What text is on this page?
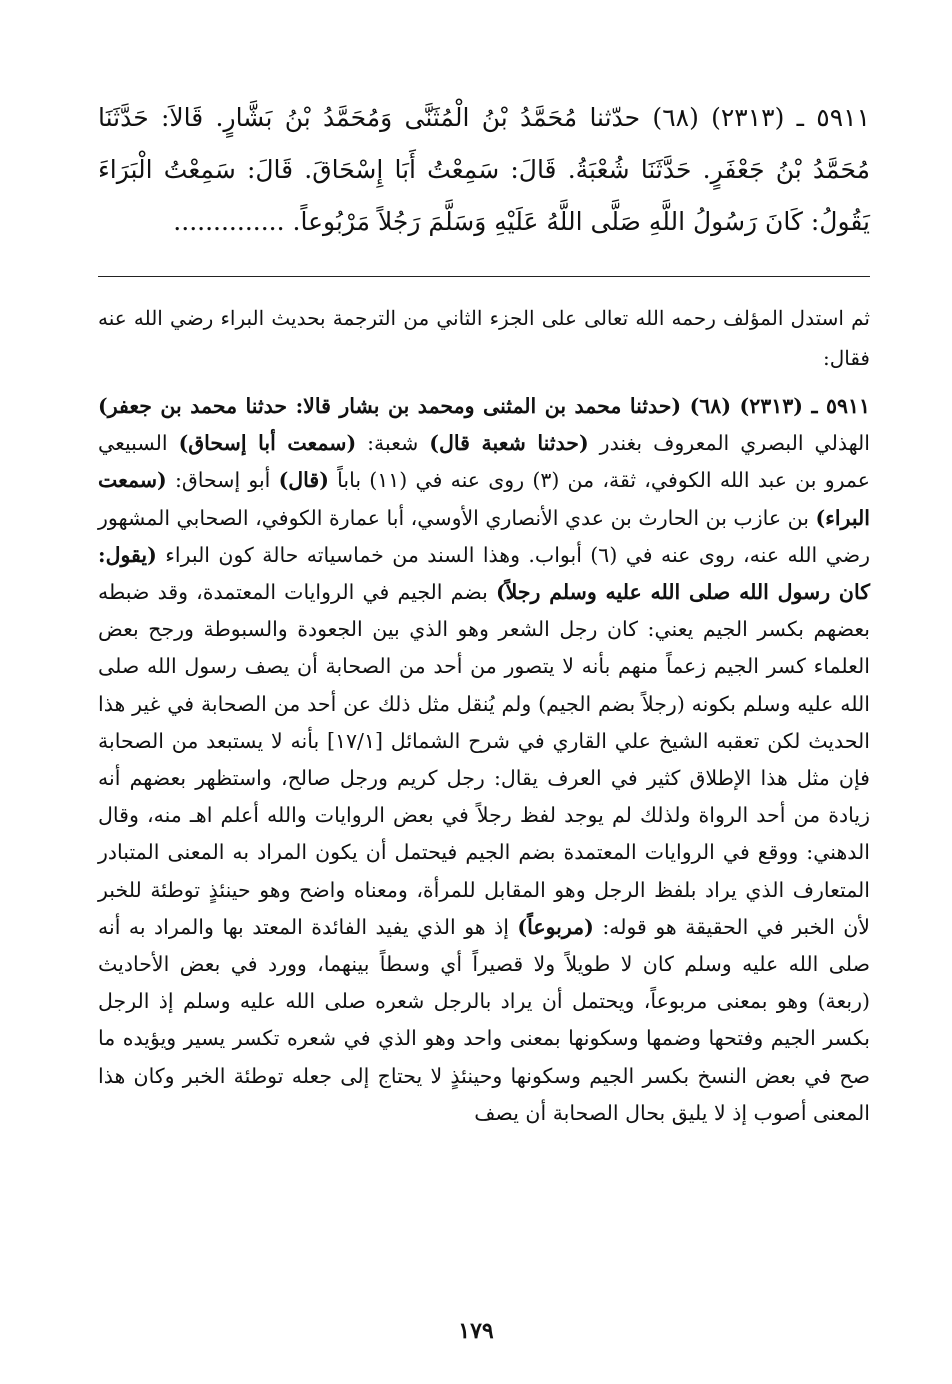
٥٩١١ ـ (٢٣١٣) (٦٨) حدّثنا مُحَمَّدُ بْنُ الْمُثَنَّى وَمُحَمَّدُ بْنُ بَشَّارٍ. قَالاَ: حَدَّثَنَا مُحَمَّدُ بْنُ جَعْفَرٍ. حَدَّثَنَا شُعْبَةُ. قَالَ: سَمِعْتُ أَبَا إِسْحَاقَ. قَالَ: سَمِعْتُ الْبَرَاءَ يَقُولُ: كَانَ رَسُولُ اللَّهِ صَلَّى اللَّهُ عَلَيْهِ وَسَلَّمَ رَجُلاً مَرْبُوعاً. ..............

ثم استدل المؤلف رحمه الله تعالى على الجزء الثاني من الترجمة بحديث البراء رضي الله عنه فقال:

٥٩١١ ـ (٢٣١٣) (٦٨) (حدثنا محمد بن المثنى ومحمد بن بشار قالا: حدثنا محمد بن جعفر) الهذلي البصري المعروف بغندر (حدثنا شعبة قال) شعبة: (سمعت أبا إسحاق) السبيعي عمرو بن عبد الله الكوفي، ثقة، من (٣) روى عنه في (١١) باباً (قال) أبو إسحاق: (سمعت البراء) بن عازب بن الحارث بن عدي الأنصاري الأوسي، أبا عمارة الكوفي، الصحابي المشهور رضي الله عنه، روى عنه في (٦) أبواب. وهذا السند من خماسياته حالة كون البراء (يقول: كان رسول الله صلى الله عليه وسلم رجلاً) بضم الجيم في الروايات المعتمدة، وقد ضبطه بعضهم بكسر الجيم يعني: كان رجل الشعر وهو الذي بين الجعودة والسبوطة ورجح بعض العلماء كسر الجيم زعماً منهم بأنه لا يتصور من أحد من الصحابة أن يصف رسول الله صلى الله عليه وسلم بكونه (رجلاً بضم الجيم) ولم يُنقل مثل ذلك عن أحد من الصحابة في غير هذا الحديث لكن تعقبه الشيخ علي القاري في شرح الشمائل [١٧/١] بأنه لا يستبعد من الصحابة فإن مثل هذا الإطلاق كثير في العرف يقال: رجل كريم ورجل صالح، واستظهر بعضهم أنه زيادة من أحد الرواة ولذلك لم يوجد لفظ رجلاً في بعض الروايات والله أعلم اهـ منه، وقال الدهني: ووقع في الروايات المعتمدة بضم الجيم فيحتمل أن يكون المراد به المعنى المتبادر المتعارف الذي يراد بلفظ الرجل وهو المقابل للمرأة، ومعناه واضح وهو حينئذٍ توطئة للخبر لأن الخبر في الحقيقة هو قوله: (مربوعاً) إذ هو الذي يفيد الفائدة المعتد بها والمراد به أنه صلى الله عليه وسلم كان لا طويلاً ولا قصيراً أي وسطاً بينهما، وورد في بعض الأحاديث (ربعة) وهو بمعنى مربوعاً، ويحتمل أن يراد بالرجل شعره صلى الله عليه وسلم إذ الرجل بكسر الجيم وفتحها وضمها وسكونها بمعنى واحد وهو الذي في شعره تكسر يسير ويؤيده ما صح في بعض النسخ بكسر الجيم وسكونها وحينئذٍ لا يحتاج إلى جعله توطئة الخبر وكان هذا المعنى أصوب إذ لا يليق بحال الصحابة أن يصف

١٧٩
